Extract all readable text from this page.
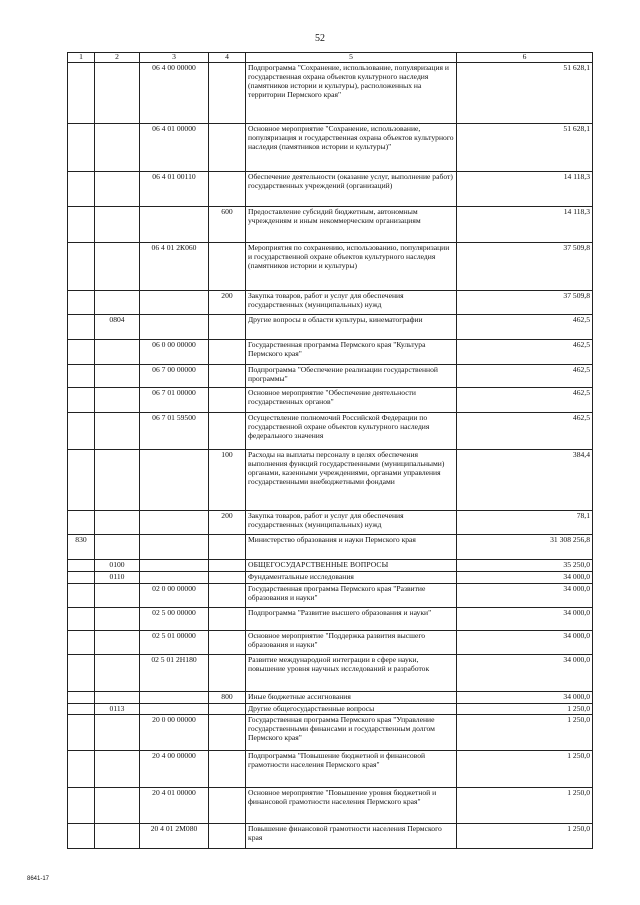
52
1	2	3	4	5	6
		06 4 00 00000		Подпрограмма "Сохранение, использование, популяризация и государственная охрана объектов культурного наследия (памятников истории и культуры), расположенных на территории Пермского края"	51 628,1
		06 4 01 00000		Основное мероприятие "Сохранение, использование, популяризация и государственная охрана объектов культурного наследия (памятников истории и культуры)"	51 628,1
		06 4 01 00110		Обеспечение деятельности (оказание услуг, выполнение работ) государственных учреждений (организаций)	14 118,3
			600	Предоставление субсидий бюджетным, автономным учреждениям и иным некоммерческим организациям	14 118,3
		06 4 01 2К060		Мероприятия по сохранению, использованию, популяризации и государственной охране объектов культурного наследия (памятников истории и культуры)	37 509,8
			200	Закупка товаров, работ и услуг для обеспечения государственных (муниципальных) нужд	37 509,8
	0804			Другие вопросы в области культуры, кинематографии	462,5
		06 0 00 00000		Государственная программа Пермского края "Культура Пермского края"	462,5
		06 7 00 00000		Подпрограмма "Обеспечение реализации государственной программы"	462,5
		06 7 01 00000		Основное мероприятие "Обеспечение деятельности государственных органов"	462,5
		06 7 01 59500		Осуществление полномочий Российской Федерации по государственной охране объектов культурного наследия федерального значения	462,5
			100	Расходы на выплаты персоналу в целях обеспечения выполнения функций государственными (муниципальными) органами, казенными учреждениями, органами управления государственными внебюджетными фондами	384,4
			200	Закупка товаров, работ и услуг для обеспечения государственных (муниципальных) нужд	78,1
830				Министерство образования и науки Пермского края	31 308 256,8
	0100			ОБЩЕГОСУДАРСТВЕННЫЕ ВОПРОСЫ	35 250,0
	0110			Фундаментальные исследования	34 000,0
		02 0 00 00000		Государственная программа Пермского края "Развитие образования и науки"	34 000,0
		02 5 00 00000		Подпрограмма "Развитие высшего образования и науки"	34 000,0
		02 5 01 00000		Основное мероприятие "Поддержка развития высшего образования и науки"	34 000,0
		02 5 01 2Н180		Развитие международной интеграции в сфере науки, повышение уровня научных исследований и разработок	34 000,0
			800	Иные бюджетные ассигнования	34 000,0
	0113			Другие общегосударственные вопросы	1 250,0
		20 0 00 00000		Государственная программа Пермского края "Управление государственными финансами и государственным долгом Пермского края"	1 250,0
		20 4 00 00000		Подпрограмма "Повышение бюджетной и финансовой грамотности населения Пермского края"	1 250,0
		20 4 01 00000		Основное мероприятие "Повышение уровня бюджетной и финансовой грамотности населения Пермского края"	1 250,0
		20 4 01 2М080		Повышение финансовой грамотности населения Пермского края	1 250,0
8641-17
